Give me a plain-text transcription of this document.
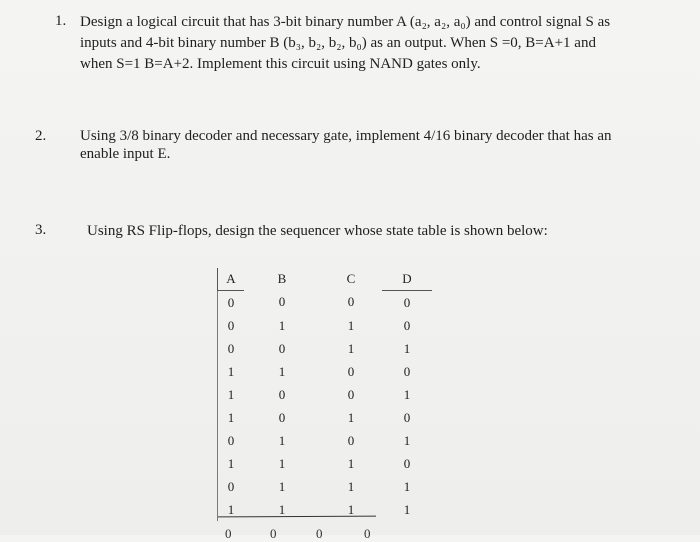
1. Design a logical circuit that has 3-bit binary number A (a₂, a₂, a₀) and control signal S as
inputs and 4-bit binary number B (b₃, b₂, b₂, b₀) as an output. When S =0, B=A+1 and
when S=1 B=A+2. Implement this circuit using NAND gates only.
2. Using 3/8 binary decoder and necessary gate, implement 4/16 binary decoder that has an
enable input E.
3.	Using RS Flip-flops, design the sequencer whose state table is shown below:
A	B	C	D
0	0	0	0
0	1	1	0
0	0	1	1
1	1	0	0
1	0	0	1
1	0	1	0
0	1	0	1
1	1	1	0
0	1	1	1
1	1	1	1
0	0	0	0
